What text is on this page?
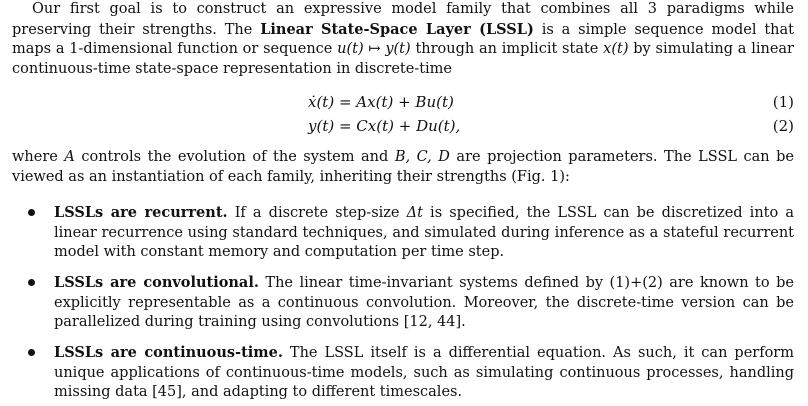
Our first goal is to construct an expressive model family that combines all 3 paradigms while preserving their strengths. The Linear State-Space Layer (LSSL) is a simple sequence model that maps a 1-dimensional function or sequence u(t) ↦ y(t) through an implicit state x(t) by simulating a linear continuous-time state-space representation in discrete-time

ẋ(t) = Ax(t) + Bu(t)	(1)
y(t) = Cx(t) + Du(t),	(2)

where A controls the evolution of the system and B, C, D are projection parameters. The LSSL can be viewed as an instantiation of each family, inheriting their strengths (Fig. 1):

LSSLs are recurrent. If a discrete step-size Δt is specified, the LSSL can be discretized into a linear recurrence using standard techniques, and simulated during inference as a stateful recurrent model with constant memory and computation per time step.
LSSLs are convolutional. The linear time-invariant systems defined by (1)+(2) are known to be explicitly representable as a continuous convolution. Moreover, the discrete-time version can be parallelized during training using convolutions [12, 44].
LSSLs are continuous-time. The LSSL itself is a differential equation. As such, it can perform unique applications of continuous-time models, such as simulating continuous processes, handling missing data [45], and adapting to different timescales.
